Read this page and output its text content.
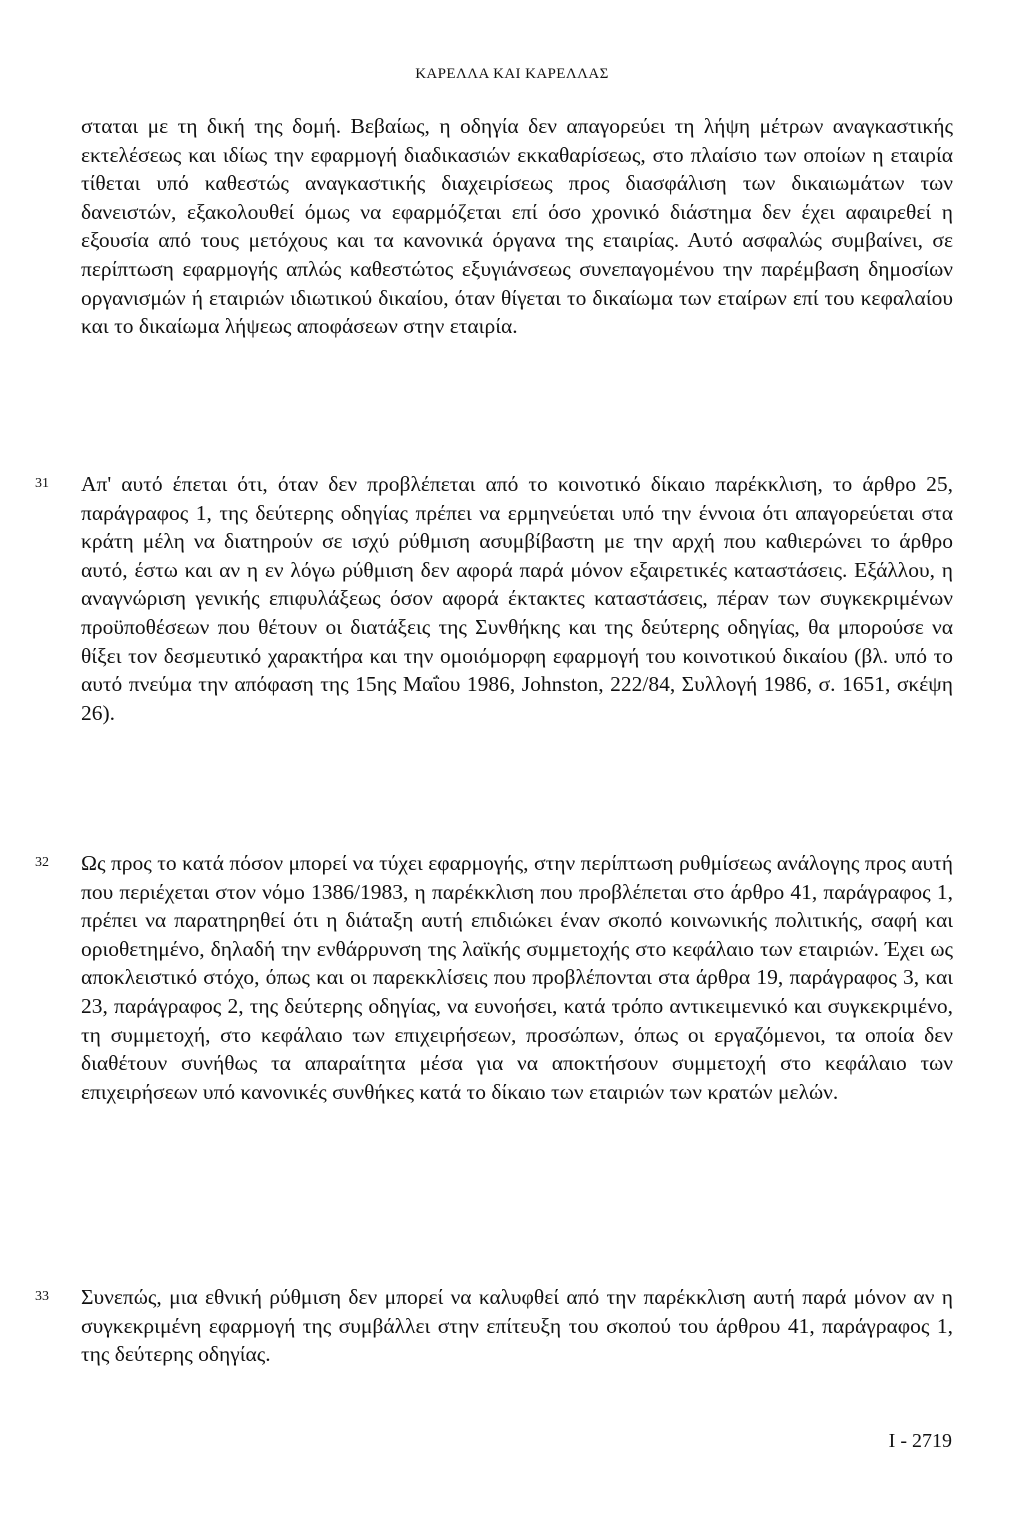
ΚΑΡΕΛΛΑ ΚΑΙ ΚΑΡΕΛΛΑΣ

σταται με τη δική της δομή. Βεβαίως, η οδηγία δεν απαγορεύει τη λήψη μέτρων αναγκαστικής εκτελέσεως και ιδίως την εφαρμογή διαδικασιών εκκαθαρίσεως, στο πλαίσιο των οποίων η εταιρία τίθεται υπό καθεστώς αναγκαστικής διαχειρίσεως προς διασφάλιση των δικαιωμάτων των δανειστών, εξακολουθεί όμως να εφαρμόζεται επί όσο χρονικό διάστημα δεν έχει αφαιρεθεί η εξουσία από τους μετόχους και τα κανονικά όργανα της εταιρίας. Αυτό ασφαλώς συμβαίνει, σε περίπτωση εφαρμογής απλώς καθεστώτος εξυγιάνσεως συνεπαγομένου την παρέμβαση δημοσίων οργανισμών ή εταιριών ιδιωτικού δικαίου, όταν θίγεται το δικαίωμα των εταίρων επί του κεφαλαίου και το δικαίωμα λήψεως αποφάσεων στην εταιρία.

31 Απ' αυτό έπεται ότι, όταν δεν προβλέπεται από το κοινοτικό δίκαιο παρέκκλιση, το άρθρο 25, παράγραφος 1, της δεύτερης οδηγίας πρέπει να ερμηνεύεται υπό την έννοια ότι απαγορεύεται στα κράτη μέλη να διατηρούν σε ισχύ ρύθμιση ασυμβίβαστη με την αρχή που καθιερώνει το άρθρο αυτό, έστω και αν η εν λόγω ρύθμιση δεν αφορά παρά μόνον εξαιρετικές καταστάσεις. Εξάλλου, η αναγνώριση γενικής επιφυλάξεως όσον αφορά έκτακτες καταστάσεις, πέραν των συγκεκριμένων προϋποθέσεων που θέτουν οι διατάξεις της Συνθήκης και της δεύτερης οδηγίας, θα μπορούσε να θίξει τον δεσμευτικό χαρακτήρα και την ομοιόμορφη εφαρμογή του κοινοτικού δικαίου (βλ. υπό το αυτό πνεύμα την απόφαση της 15ης Μαΐου 1986, Johnston, 222/84, Συλλογή 1986, σ. 1651, σκέψη 26).

32 Ως προς το κατά πόσον μπορεί να τύχει εφαρμογής, στην περίπτωση ρυθμίσεως ανάλογης προς αυτή που περιέχεται στον νόμο 1386/1983, η παρέκκλιση που προβλέπεται στο άρθρο 41, παράγραφος 1, πρέπει να παρατηρηθεί ότι η διάταξη αυτή επιδιώκει έναν σκοπό κοινωνικής πολιτικής, σαφή και οριοθετημένο, δηλαδή την ενθάρρυνση της λαϊκής συμμετοχής στο κεφάλαιο των εταιριών. Έχει ως αποκλειστικό στόχο, όπως και οι παρεκκλίσεις που προβλέπονται στα άρθρα 19, παράγραφος 3, και 23, παράγραφος 2, της δεύτερης οδηγίας, να ευνοήσει, κατά τρόπο αντικειμενικό και συγκεκριμένο, τη συμμετοχή, στο κεφάλαιο των επιχειρήσεων, προσώπων, όπως οι εργαζόμενοι, τα οποία δεν διαθέτουν συνήθως τα απαραίτητα μέσα για να αποκτήσουν συμμετοχή στο κεφάλαιο των επιχειρήσεων υπό κανονικές συνθήκες κατά το δίκαιο των εταιριών των κρατών μελών.

33 Συνεπώς, μια εθνική ρύθμιση δεν μπορεί να καλυφθεί από την παρέκκλιση αυτή παρά μόνον αν η συγκεκριμένη εφαρμογή της συμβάλλει στην επίτευξη του σκοπού του άρθρου 41, παράγραφος 1, της δεύτερης οδηγίας.

I - 2719
